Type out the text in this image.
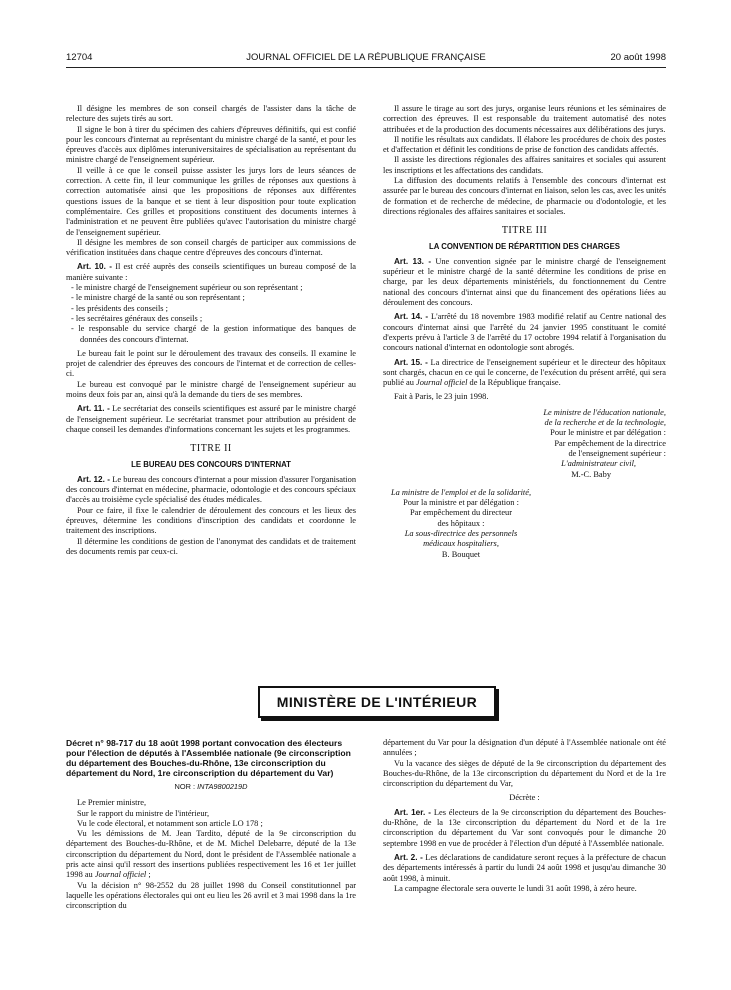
12704	JOURNAL OFFICIEL DE LA RÉPUBLIQUE FRANÇAISE	20 août 1998

Il désigne les membres de son conseil chargés de l'assister dans la tâche de relecture des sujets tirés au sort.

Il signe le bon à tirer du spécimen des cahiers d'épreuves définitifs, qui est confié pour les concours d'internat au représentant du ministre chargé de la santé, et pour les épreuves d'accès aux diplômes interuniversitaires de spécialisation au représentant du ministre chargé de l'enseignement supérieur.

Il veille à ce que le conseil puisse assister les jurys lors de leurs séances de correction. A cette fin, il leur communique les grilles de réponses aux questions à correction automatisée ainsi que les propositions de réponses aux différentes questions issues de la banque et se tient à leur disposition pour toute explication complémentaire. Ces grilles et propositions constituent des documents internes à l'administration et ne peuvent être publiées qu'avec l'autorisation du ministre chargé de l'enseignement supérieur.

Il désigne les membres de son conseil chargés de participer aux commissions de vérification instituées dans chaque centre d'épreuves des concours d'internat.

Art. 10. - Il est créé auprès des conseils scientifiques un bureau composé de la manière suivante :

- le ministre chargé de l'enseignement supérieur ou son représentant ;
- le ministre chargé de la santé ou son représentant ;
- les présidents des conseils ;
- les secrétaires généraux des conseils ;
- le responsable du service chargé de la gestion informatique des banques de données des concours d'internat.

Le bureau fait le point sur le déroulement des travaux des conseils. Il examine le projet de calendrier des épreuves des concours de l'internat et de correction de celles-ci.

Le bureau est convoqué par le ministre chargé de l'enseignement supérieur au moins deux fois par an, ainsi qu'à la demande du tiers de ses membres.

Art. 11. - Le secrétariat des conseils scientifiques est assuré par le ministre chargé de l'enseignement supérieur. Le secrétariat transmet pour attribution au président de chaque conseil les demandes d'informations concernant les sujets et les programmes.

TITRE II
LE BUREAU DES CONCOURS D'INTERNAT

Art. 12. - Le bureau des concours d'internat a pour mission d'assurer l'organisation des concours d'internat en médecine, pharmacie, odontologie et des concours spéciaux d'accès au troisième cycle spécialisé des études médicales.

Pour ce faire, il fixe le calendrier de déroulement des concours et les lieux des épreuves, détermine les conditions d'inscription des candidats et coordonne le traitement des inscriptions.

Il détermine les conditions de gestion de l'anonymat des candidats et de traitement des documents remis par ceux-ci.

Il assure le tirage au sort des jurys, organise leurs réunions et les séminaires de correction des épreuves. Il est responsable du traitement automatisé des notes attribuées et de la production des documents nécessaires aux délibérations des jurys.

Il notifie les résultats aux candidats. Il élabore les procédures de choix des postes et d'affectation et définit les conditions de prise de fonction des candidats affectés.

Il assiste les directions régionales des affaires sanitaires et sociales qui assurent les inscriptions et les affectations des candidats.

La diffusion des documents relatifs à l'ensemble des concours d'internat est assurée par le bureau des concours d'internat en liaison, selon les cas, avec les unités de formation et de recherche de médecine, de pharmacie ou d'odontologie, et les directions régionales des affaires sanitaires et sociales.

TITRE III
LA CONVENTION DE RÉPARTITION DES CHARGES

Art. 13. - Une convention signée par le ministre chargé de l'enseignement supérieur et le ministre chargé de la santé détermine les conditions de prise en charge, par les deux départements ministériels, du fonctionnement du Centre national des concours d'internat ainsi que du financement des opérations liées au déroulement des concours.

Art. 14. - L'arrêté du 18 novembre 1983 modifié relatif au Centre national des concours d'internat ainsi que l'arrêté du 24 janvier 1995 constituant le comité d'experts prévu à l'article 3 de l'arrêté du 17 octobre 1994 relatif à l'organisation du concours national d'internat en odontologie sont abrogés.

Art. 15. - La directrice de l'enseignement supérieur et le directeur des hôpitaux sont chargés, chacun en ce qui le concerne, de l'exécution du présent arrêté, qui sera publié au Journal officiel de la République française.

Fait à Paris, le 23 juin 1998.

Le ministre de l'éducation nationale,
de la recherche et de la technologie,
Pour le ministre et par délégation :
Par empêchement de la directrice
de l'enseignement supérieur :
L'administrateur civil,
M.-C. Baby
La ministre de l'emploi et de la solidarité,
Pour la ministre et par délégation :
Par empêchement du directeur
des hôpitaux :
La sous-directrice des personnels
médicaux hospitaliers,
B. Bouquet
MINISTÈRE DE L'INTÉRIEUR
Décret n° 98-717 du 18 août 1998 portant convocation des électeurs pour l'élection de députés à l'Assemblée nationale (9e circonscription du département des Bouches-du-Rhône, 13e circonscription du département du Nord, 1re circonscription du département du Var)
NOR : INTA9800219D

Le Premier ministre,

Sur le rapport du ministre de l'intérieur,

Vu le code électoral, et notamment son article LO 178 ;

Vu les démissions de M. Jean Tardito, député de la 9e circonscription du département des Bouches-du-Rhône, et de M. Michel Delebarre, député de la 13e circonscription du département du Nord, dont le président de l'Assemblée nationale a pris acte ainsi qu'il ressort des insertions publiées respectivement les 16 et 1er juillet 1998 au Journal officiel ;

Vu la décision n° 98-2552 du 28 juillet 1998 du Conseil constitutionnel par laquelle les opérations électorales qui ont eu lieu les 26 avril et 3 mai 1998 dans la 1re circonscription du

département du Var pour la désignation d'un député à l'Assemblée nationale ont été annulées ;

Vu la vacance des sièges de député de la 9e circonscription du département des Bouches-du-Rhône, de la 13e circonscription du département du Nord et de la 1re circonscription du département du Var,

Décrète :

Art. 1er. - Les électeurs de la 9e circonscription du département des Bouches-du-Rhône, de la 13e circonscription du département du Nord et de la 1re circonscription du département du Var sont convoqués pour le dimanche 20 septembre 1998 en vue de procéder à l'élection d'un député à l'Assemblée nationale.

Art. 2. - Les déclarations de candidature seront reçues à la préfecture de chacun des départements intéressés à partir du lundi 24 août 1998 et jusqu'au dimanche 30 août 1998, à minuit.

La campagne électorale sera ouverte le lundi 31 août 1998, à zéro heure.
